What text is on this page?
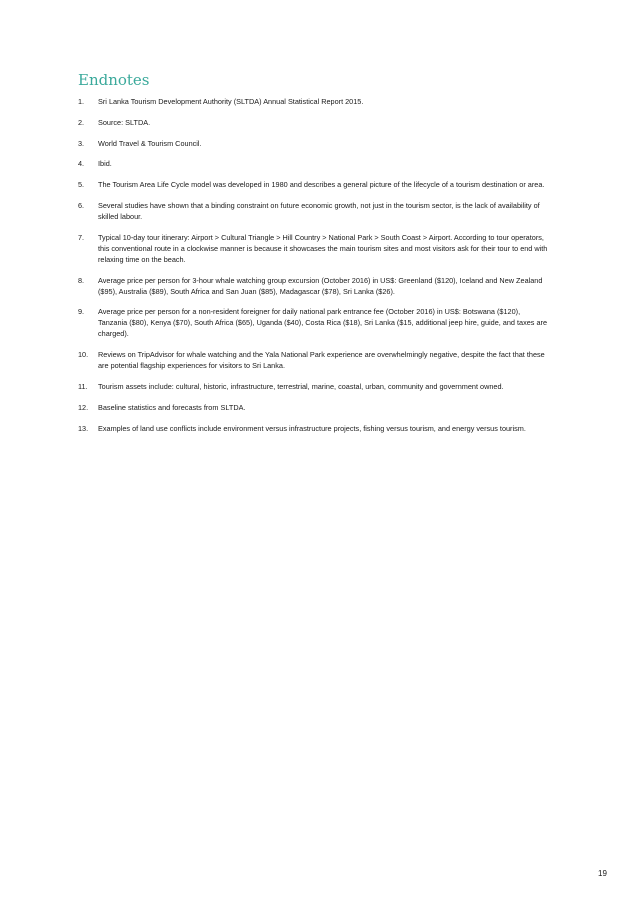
Endnotes
1. Sri Lanka Tourism Development Authority (SLTDA) Annual Statistical Report 2015.
2. Source: SLTDA.
3. World Travel & Tourism Council.
4. Ibid.
5. The Tourism Area Life Cycle model was developed in 1980 and describes a general picture of the lifecycle of a tourism destination or area.
6. Several studies have shown that a binding constraint on future economic growth, not just in the tourism sector, is the lack of availability of skilled labour.
7. Typical 10-day tour itinerary: Airport > Cultural Triangle > Hill Country > National Park > South Coast > Airport. According to tour operators, this conventional route in a clockwise manner is because it showcases the main tourism sites and most visitors ask for their tour to end with relaxing time on the beach.
8. Average price per person for 3-hour whale watching group excursion (October 2016) in US$: Greenland ($120), Iceland and New Zealand ($95), Australia ($89), South Africa and San Juan ($85), Madagascar ($78), Sri Lanka ($26).
9. Average price per person for a non-resident foreigner for daily national park entrance fee (October 2016) in US$: Botswana ($120), Tanzania ($80), Kenya ($70), South Africa ($65), Uganda ($40), Costa Rica ($18), Sri Lanka ($15, additional jeep hire, guide, and taxes are charged).
10. Reviews on TripAdvisor for whale watching and the Yala National Park experience are overwhelmingly negative, despite the fact that these are potential flagship experiences for visitors to Sri Lanka.
11. Tourism assets include: cultural, historic, infrastructure, terrestrial, marine, coastal, urban, community and government owned.
12. Baseline statistics and forecasts from SLTDA.
13. Examples of land use conflicts include environment versus infrastructure projects, fishing versus tourism, and energy versus tourism.
19
